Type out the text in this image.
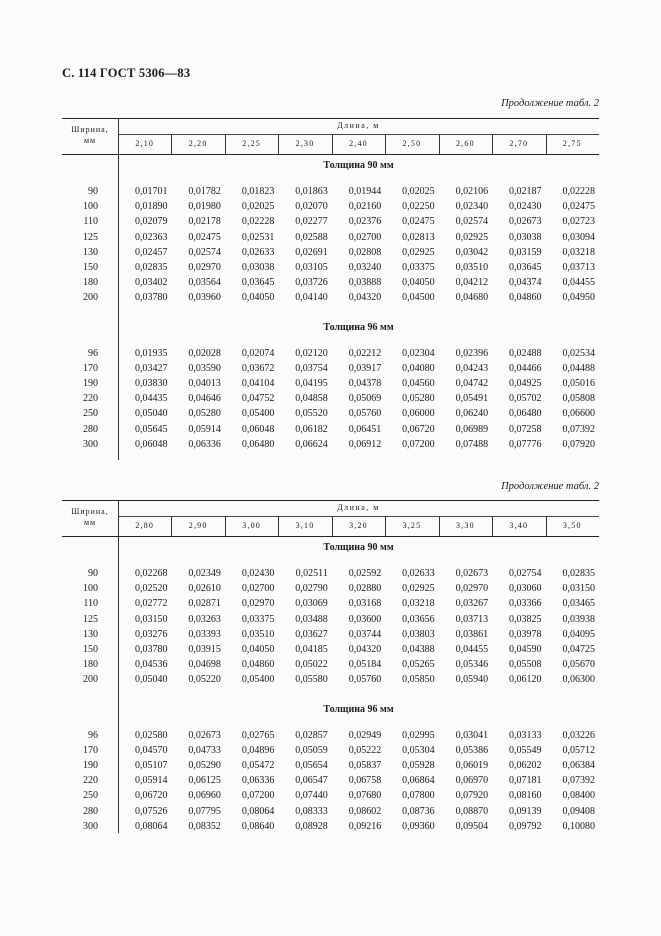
С. 114 ГОСТ 5306—83
Продолжение табл. 2
Ширина,
мм
Длина, м
2,10	2,20	2,25	2,30	2,40	2,50	2,60	2,70	2,75
Толщина 90 мм
90	0,01701	0,01782	0,01823	0,01863	0,01944	0,02025	0,02106	0,02187	0,02228
100	0,01890	0,01980	0,02025	0,02070	0,02160	0,02250	0,02340	0,02430	0,02475
110	0,02079	0,02178	0,02228	0,02277	0,02376	0,02475	0,02574	0,02673	0,02723
125	0,02363	0,02475	0,02531	0,02588	0,02700	0,02813	0,02925	0,03038	0,03094
130	0,02457	0,02574	0,02633	0,02691	0,02808	0,02925	0,03042	0,03159	0,03218
150	0,02835	0,02970	0,03038	0,03105	0,03240	0,03375	0,03510	0,03645	0,03713
180	0,03402	0,03564	0,03645	0,03726	0,03888	0,04050	0,04212	0,04374	0,04455
200	0,03780	0,03960	0,04050	0,04140	0,04320	0,04500	0,04680	0,04860	0,04950
Толщина 96 мм
96	0,01935	0,02028	0,02074	0,02120	0,02212	0,02304	0,02396	0,02488	0,02534
170	0,03427	0,03590	0,03672	0,03754	0,03917	0,04080	0,04243	0,04466	0,04488
190	0,03830	0,04013	0,04104	0,04195	0,04378	0,04560	0,04742	0,04925	0,05016
220	0,04435	0,04646	0,04752	0,04858	0,05069	0,05280	0,05491	0,05702	0,05808
250	0,05040	0,05280	0,05400	0,05520	0,05760	0,06000	0,06240	0,06480	0,06600
280	0,05645	0,05914	0,06048	0,06182	0,06451	0,06720	0,06989	0,07258	0,07392
300	0,06048	0,06336	0,06480	0,06624	0,06912	0,07200	0,07488	0,07776	0,07920
Продолжение табл. 2
Ширина,
мм
Длина, м
2,80	2,90	3,00	3,10	3,20	3,25	3,30	3,40	3,50
Толщина 90 мм
90	0,02268	0,02349	0,02430	0,02511	0,02592	0,02633	0,02673	0,02754	0,02835
100	0,02520	0,02610	0,02700	0,02790	0,02880	0,02925	0,02970	0,03060	0,03150
110	0,02772	0,02871	0,02970	0,03069	0,03168	0,03218	0,03267	0,03366	0,03465
125	0,03150	0,03263	0,03375	0,03488	0,03600	0,03656	0,03713	0,03825	0,03938
130	0,03276	0,03393	0,03510	0,03627	0,03744	0,03803	0,03861	0,03978	0,04095
150	0,03780	0,03915	0,04050	0,04185	0,04320	0,04388	0,04455	0,04590	0,04725
180	0,04536	0,04698	0,04860	0,05022	0,05184	0,05265	0,05346	0,05508	0,05670
200	0,05040	0,05220	0,05400	0,05580	0,05760	0,05850	0,05940	0,06120	0,06300
Толщина 96 мм
96	0,02580	0,02673	0,02765	0,02857	0,02949	0,02995	0,03041	0,03133	0,03226
170	0,04570	0,04733	0,04896	0,05059	0,05222	0,05304	0,05386	0,05549	0,05712
190	0,05107	0,05290	0,05472	0,05654	0,05837	0,05928	0,06019	0,06202	0,06384
220	0,05914	0,06125	0,06336	0,06547	0,06758	0,06864	0,06970	0,07181	0,07392
250	0,06720	0,06960	0,07200	0,07440	0,07680	0,07800	0,07920	0,08160	0,08400
280	0,07526	0,07795	0,08064	0,08333	0,08602	0,08736	0,08870	0,09139	0,09408
300	0,08064	0,08352	0,08640	0,08928	0,09216	0,09360	0,09504	0,09792	0,10080
